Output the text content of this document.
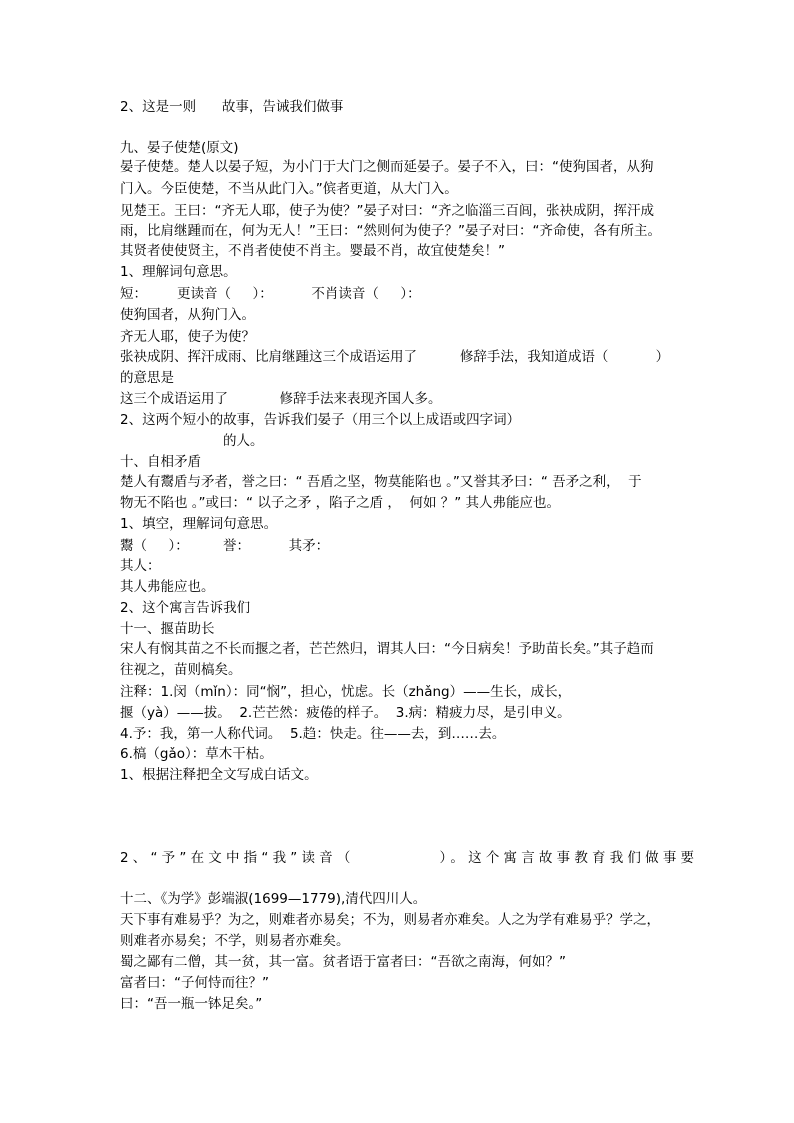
2、这是一则      故事，告诫我们做事
九、晏子使楚(原文)
晏子使楚。楚人以晏子短，为小门于大门之侧而延晏子。晏子不入，曰：“使狗国者，从狗
门入。今臣使楚，不当从此门入。”傧者更道，从大门入。
见楚王。王曰：“齐无人耶，使子为使？”晏子对曰：“齐之临淄三百闾，张袂成阴，挥汗成
雨，比肩继踵而在，何为无人！”王曰：“然则何为使子？”晏子对曰：“齐命使，各有所主。
其贤者使使贤主，不肖者使使不肖主。婴最不肖，故宜使楚矣！”
1、理解词句意思。
短：       更读音（     ）：         不肖读音（     ）：
使狗国者，从狗门入。
齐无人耶，使子为使？
张袂成阴、挥汗成雨、比肩继踵这三个成语运用了          修辞手法，我知道成语（           ）
的意思是
这三个成语运用了            修辞手法来表现齐国人多。
2、这两个短小的故事，告诉我们晏子（用三个以上成语或四字词）
的人。
十、自相矛盾
楚人有鬻盾与矛者，誉之曰：“ 吾盾之坚，物莫能陷也 。”又誉其矛曰：“ 吾矛之利，  于
物无不陷也 。”或曰：“ 以子之矛 ，陷子之盾 ，  何如 ？” 其人弗能应也。
1、填空，理解词句意思。
鬻（     ）：        誉：         其矛：
其人：
其人弗能应也。
2、这个寓言告诉我们
十一、揠苗助长
宋人有悯其苗之不长而揠之者，芒芒然归，谓其人曰：“今日病矣！予助苗长矣。”其子趋而
往视之，苗则槁矣。
注释：1.闵（mǐn）：同“悯”，担心，忧虑。长（zhǎng）——生长，成长，
揠（yà）——拔。  2.芒芒然：疲倦的样子。  3.病：精疲力尽，是引申义。
4.予：我，第一人称代词。  5.趋：快走。往——去，到……去。
6.槁（gǎo）：草木干枯。
1、根据注释把全文写成白话文。
2、“予”在文中指“我”读音（          ）。这个寓言故事教育我们做事要
十二、《为学》彭端淑(1699—1779),清代四川人。
天下事有难易乎？为之，则难者亦易矣；不为，则易者亦难矣。人之为学有难易乎？学之，
则难者亦易矣；不学，则易者亦难矣。
蜀之鄙有二僧，其一贫，其一富。贫者语于富者曰：“吾欲之南海，何如？”
富者曰：“子何恃而往？”
曰：“吾一瓶一钵足矣。”
